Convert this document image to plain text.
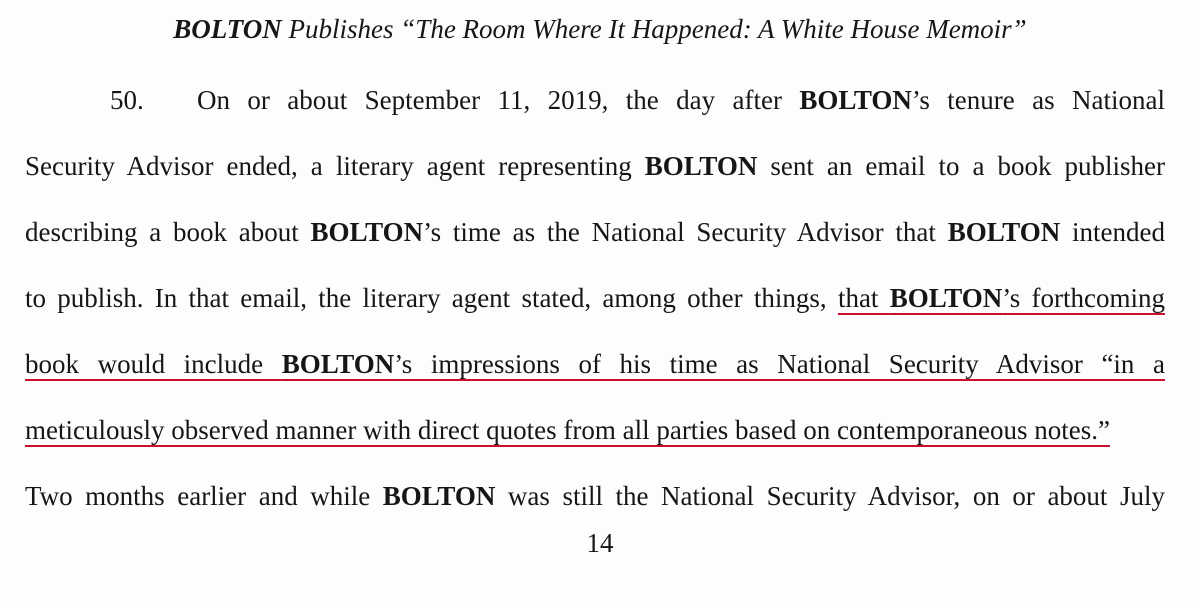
BOLTON Publishes “The Room Where It Happened: A White House Memoir”
50. On or about September 11, 2019, the day after BOLTON’s tenure as National
Security Advisor ended, a literary agent representing BOLTON sent an email to a book publisher
describing a book about BOLTON’s time as the National Security Advisor that BOLTON intended
to publish. In that email, the literary agent stated, among other things, that BOLTON’s forthcoming
book would include BOLTON’s impressions of his time as National Security Advisor “in a
meticulously observed manner with direct quotes from all parties based on contemporaneous notes.”
Two months earlier and while BOLTON was still the National Security Advisor, on or about July
14
